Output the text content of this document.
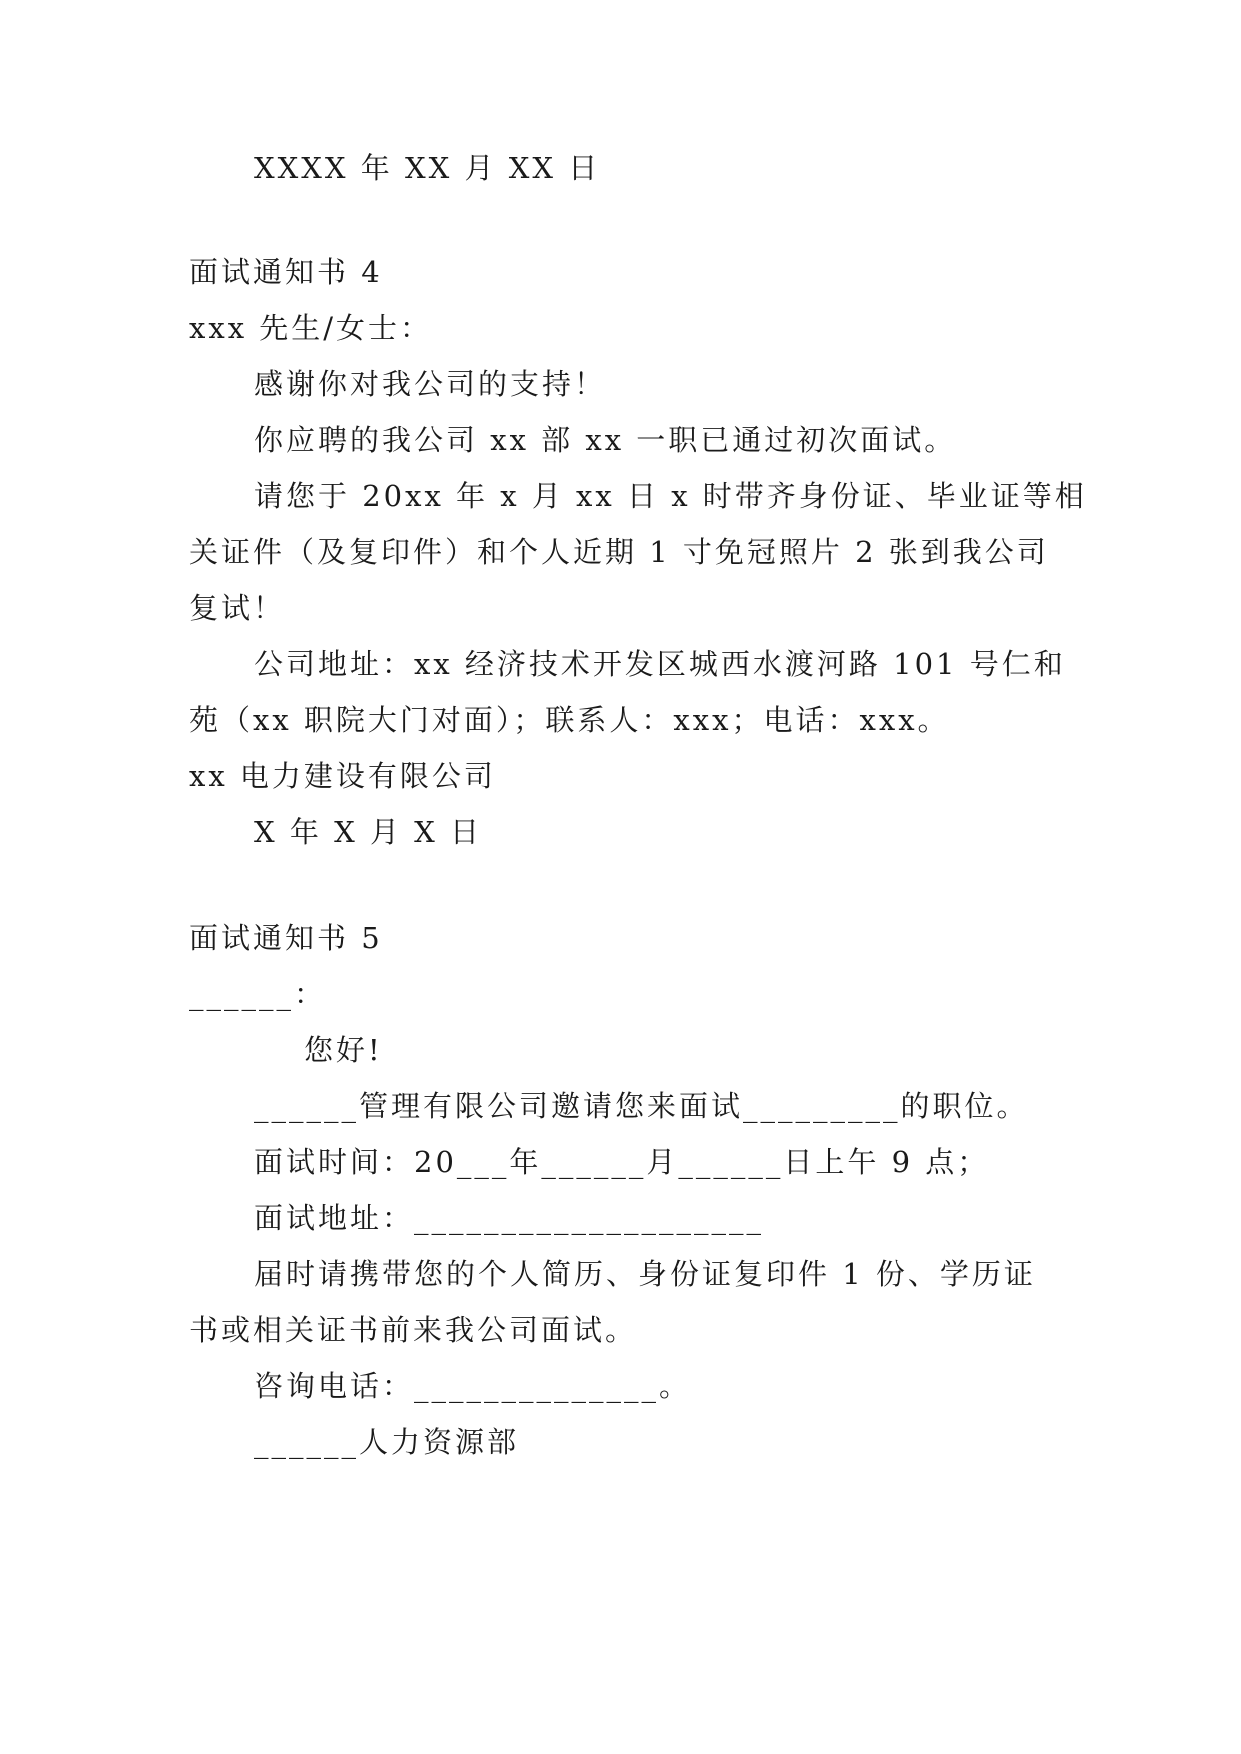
XXXX 年 XX 月 XX 日
面试通知书 4
xxx 先生/女士：
感谢你对我公司的支持！
你应聘的我公司 xx 部 xx 一职已通过初次面试。
请您于 20xx 年 x 月 xx 日 x 时带齐身份证、毕业证等相
关证件（及复印件）和个人近期 1 寸免冠照片 2 张到我公司
复试！
公司地址：xx 经济技术开发区城西水渡河路 101 号仁和
苑（xx 职院大门对面）；联系人：xxx；电话：xxx。
xx 电力建设有限公司
X 年 X 月 X 日
面试通知书 5
______：
您好!
______管理有限公司邀请您来面试_________的职位。
面试时间：20___年______月______日上午 9 点；
面试地址：____________________
届时请携带您的个人简历、身份证复印件 1 份、学历证
书或相关证书前来我公司面试。
咨询电话：______________。
______人力资源部
